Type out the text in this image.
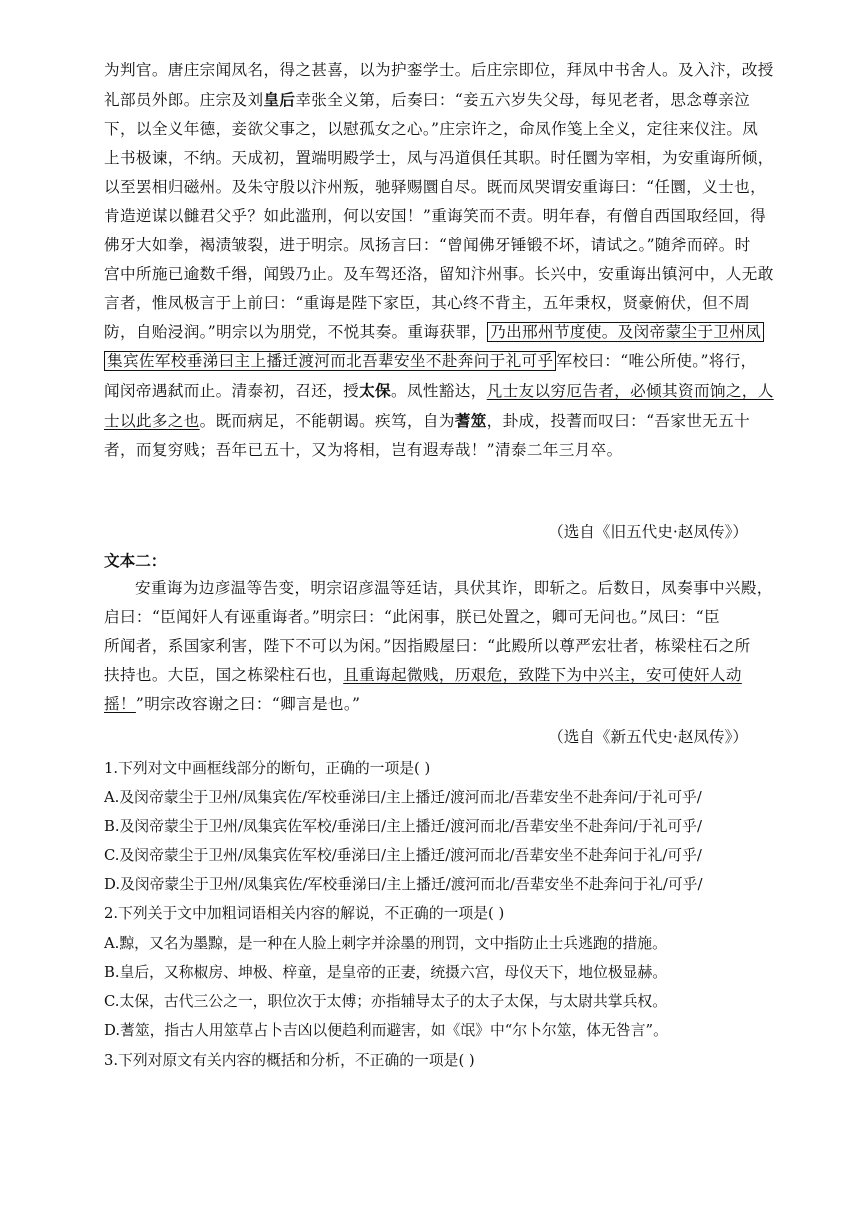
为判官。唐庄宗闻凤名，得之甚喜，以为护銮学士。后庄宗即位，拜凤中书舍人。及入汴，改授
礼部员外郎。庄宗及刘皇后幸张全义第，后奏曰：“妾五六岁失父母，每见老者，思念尊亲泣
下，以全义年德，妾欲父事之，以慰孤女之心。”庄宗许之，命凤作笺上全义，定往来仪注。凤
上书极谏，不纳。天成初，置端明殿学士，凤与冯道俱任其职。时任圜为宰相，为安重诲所倾，
以至罢相归磁州。及朱守殷以汴州叛，驰驿赐圜自尽。既而凤哭谓安重诲曰：“任圜，义士也，
肯造逆谋以雠君父乎？如此滥刑，何以安国！”重诲笑而不责。明年春，有僧自西国取经回，得
佛牙大如拳，褐渍皱裂，进于明宗。凤扬言曰：“曾闻佛牙锤锻不坏，请试之。”随斧而碎。时
宫中所施已逾数千缗，闻毁乃止。及车驾还洛，留知汴州事。长兴中，安重诲出镇河中，人无敢
言者，惟凤极言于上前曰：“重诲是陛下家臣，其心终不背主，五年秉权，贤豪俯伏，但不周
防，自贻浸润。”明宗以为朋党，不悦其奏。重诲获罪， 乃出邢州节度使。及闵帝蒙尘于卫州凤
集宾佐军校垂涕曰主上播迁渡河而北吾辈安坐不赴奔问于礼可乎 军校曰：“唯公所使。”将行，
闻闵帝遇弑而止。清泰初，召还，授太保。凤性豁达，凡士友以穷厄告者，必倾其资而饷之，人
士以此多之也。既而病足，不能朝谒。疾笃，自为蓍筮，卦成，投蓍而叹曰：“吾家世无五十
者，而复穷贱；吾年已五十，又为将相，岂有遐寿哉！”清泰二年三月卒。
（选自《旧五代史·赵凤传》）
文本二：
安重诲为边彦温等告变，明宗诏彦温等廷诘，具伏其诈，即斩之。后数日，凤奏事中兴殿，
启曰：“臣闻奸人有诬重诲者。”明宗曰：“此闲事，朕已处置之，卿可无问也。”凤曰：“臣
所闻者，系国家利害，陛下不可以为闲。”因指殿屋曰：“此殿所以尊严宏壮者，栋梁柱石之所
扶持也。大臣，国之栋梁柱石也，且重诲起微贱，历艰危，致陛下为中兴主，安可使奸人动
摇！”明宗改容谢之曰：“卿言是也。”
（选自《新五代史·赵凤传》）
1.下列对文中画框线部分的断句，正确的一项是( )
A.及闵帝蒙尘于卫州/凤集宾佐/军校垂涕曰/主上播迁/渡河而北/吾辈安坐不赴奔问/于礼可乎/
B.及闵帝蒙尘于卫州/凤集宾佐军校/垂涕曰/主上播迁/渡河而北/吾辈安坐不赴奔问/于礼可乎/
C.及闵帝蒙尘于卫州/凤集宾佐军校/垂涕曰/主上播迁/渡河而北/吾辈安坐不赴奔问于礼/可乎/
D.及闵帝蒙尘于卫州/凤集宾佐/军校垂涕曰/主上播迁/渡河而北/吾辈安坐不赴奔问于礼/可乎/
2.下列关于文中加粗词语相关内容的解说，不正确的一项是( )
A.黥，又名为墨黥，是一种在人脸上刺字并涂墨的刑罚，文中指防止士兵逃跑的措施。
B.皇后，又称椒房、坤极、梓童，是皇帝的正妻，统摄六宫，母仪天下，地位极显赫。
C.太保，古代三公之一，职位次于太傅；亦指辅导太子的太子太保，与太尉共掌兵权。
D.蓍筮，指古人用筮草占卜吉凶以便趋利而避害，如《氓》中“尔卜尔筮，体无咎言”。
3.下列对原文有关内容的概括和分析，不正确的一项是( )
